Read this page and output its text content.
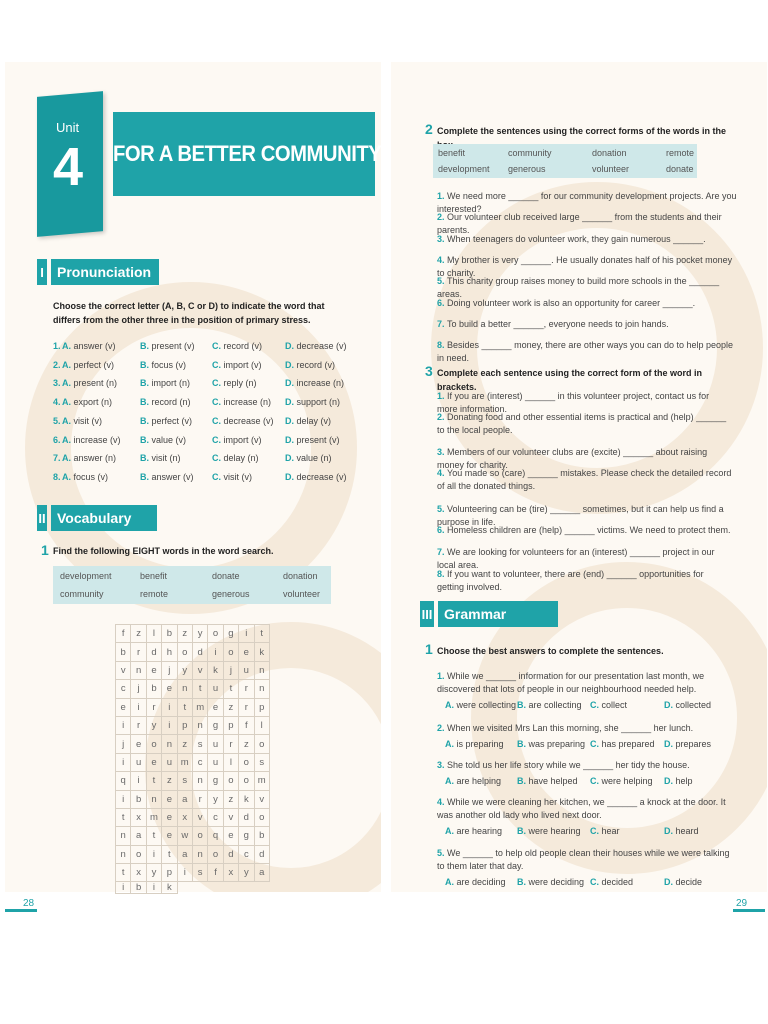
Unit
4 FOR A BETTER COMMUNITY
I Pronunciation
Choose the correct letter (A, B, C or D) to indicate the word that differs from the other three in the position of primary stress.
1. A. answer (v)	B. present (v) C. record (v)	D. decrease (v)
2. A. perfect (v)	B. focus (v)	C. import (v)	D. record (v)
3. A. present (n)	B. import (n) C. reply (n)	D. increase (n)
4. A. export (n)	B. record (n) C. increase (n) D. support (n)
5. A. visit (v)	B. perfect (v) C. decrease (v) D. delay (v)
6. A. increase (v) B. value (v)	C. import (v)	D. present (v)
7. A. answer (n)	B. visit (n)	C. delay (n)	D. value (n)
8. A. focus (v)	B. answer (v) C. visit (v)	D. decrease (v)
II Vocabulary
1 Find the following EIGHT words in the word search.
development	benefit	donate	donation
community	remote	generous	volunteer
f	z	l	b	z	y	o	g	i	t
b	r	d	h	o	d	i	o	e	k
v	n	e	j	y	v	k	j	u	n
c	j	b	e	n	t	u	t	r	n
e	i	r	i	t	m e	z	r	p
i	r	y	i	p	n	g	p	f	l
j	e	o	n	z	s	u	r	z	o
i	u	e	u m c	u	l	o	s
q	i	t	z	s	n	g	o	o m
i	b	n	e	a	r	y	z	k	v
t	x m e	x	v	c	v	d	o
n	a	t	e w o	q	e	g	b
n	o	i	t	a	n	o	d	c	d
t	x	y	p	i	s	f	x	y	a
i	b	i	k
2 Complete the sentences using the correct forms of the words in the
benefit	community	donation	remote
development generous	volunteer	donate
1. We need more ______ for our community development projects. Are you interested?
2. Our volunteer club received large ______ from the students and their parents.
3. When teenagers do volunteer work, they gain numerous ______.
4. My brother is very ______. He usually donates half of his pocket money to charity.
5. This charity group raises money to build more schools in the ______ areas.
6. Doing volunteer work is also an opportunity for career ______.
7. To build a better ______, everyone needs to join hands.
8. Besides ______ money, there are other ways you can do to help people in need.
3 Complete each sentence using the correct form of the word in brackets.
1. If you are (interest) ______ in this volunteer project, contact us for more information.
2. Donating food and other essential items is practical and (help) ______ to the local people.
3. Members of our volunteer clubs are (excite) ______ about raising money for charity.
4. You made so (care) ______ mistakes. Please check the detailed record of all the donated things.
5. Volunteering can be (tire) ______ sometimes, but it can help us find a purpose in life.
6. Homeless children are (help) ______ victims. We need to protect them.
7. We are looking for volunteers for an (interest) ______ project in our local area.
8. If you want to volunteer, there are (end) ______ opportunities for getting involved.
III Grammar
1 Choose the best answers to complete the sentences.
1. While we ______ information for our presentation last month, we discovered that lots of people in our neighbourhood needed help.
A. were collecting B. are collecting C. collect	D. collected
2. When we visited Mrs Lan this morning, she ______ her lunch.
A. is preparing B. was preparing C. has prepared D. prepares
3. She told us her life story while we ______ her tidy the house.
A. are helping B. have helped C. were helping D. help
4. While we were cleaning her kitchen, we ______ a knock at the door. It was another old lady who lived next door.
A. are hearing B. were hearing C. hear	D. heard
5. We ______ to help old people clean their houses while we were talking to them later that day.
A. are deciding B. were deciding C. decided	D. decide
28	29
